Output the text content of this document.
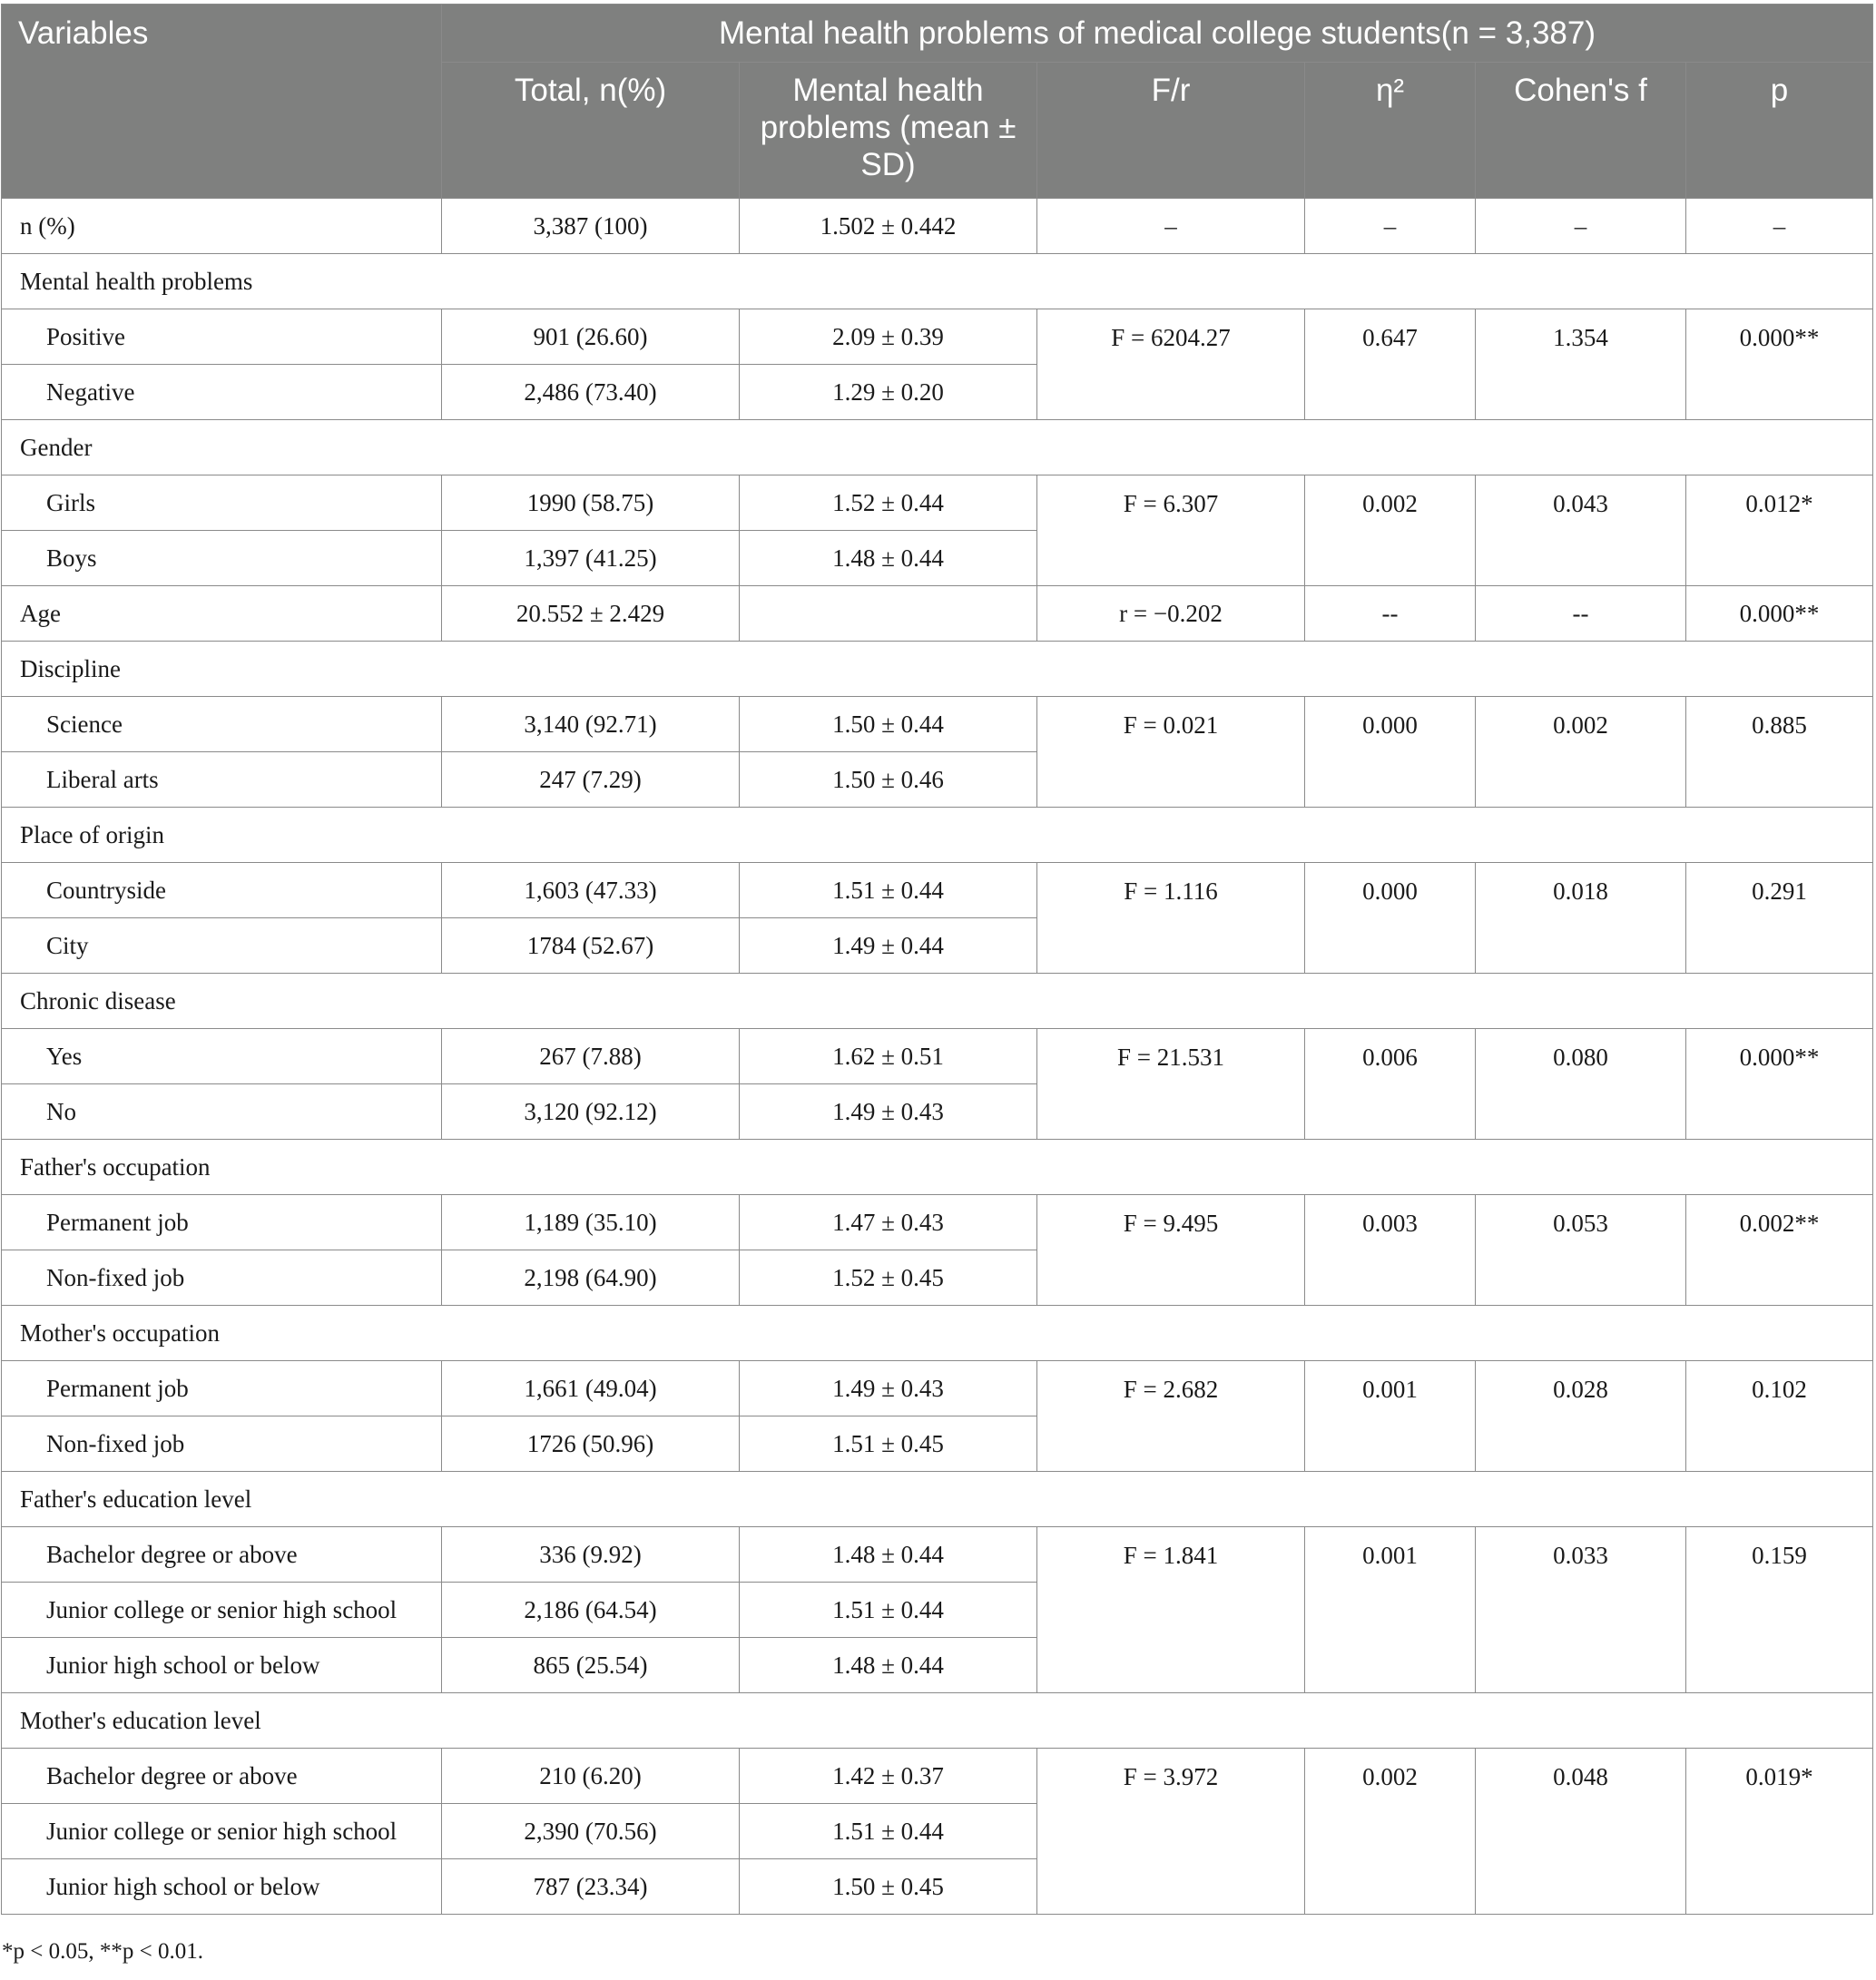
Variables	Mental health problems of medical college students(n = 3,387)					
	Total, n(%)	Mental health problems (mean ± SD)	F/r	η²	Cohen's f	p
n (%)	3,387 (100)	1.502 ± 0.442	–	–	–	–
Mental health problems						
Positive	901 (26.60)	2.09 ± 0.39	F = 6204.27	0.647	1.354	0.000**
Negative	2,486 (73.40)	1.29 ± 0.20				
Gender						
Girls	1990 (58.75)	1.52 ± 0.44	F = 6.307	0.002	0.043	0.012*
Boys	1,397 (41.25)	1.48 ± 0.44				
Age	20.552 ± 2.429		r = −0.202	--	--	0.000**
Discipline						
Science	3,140 (92.71)	1.50 ± 0.44	F = 0.021	0.000	0.002	0.885
Liberal arts	247 (7.29)	1.50 ± 0.46				
Place of origin						
Countryside	1,603 (47.33)	1.51 ± 0.44	F = 1.116	0.000	0.018	0.291
City	1784 (52.67)	1.49 ± 0.44				
Chronic disease						
Yes	267 (7.88)	1.62 ± 0.51	F = 21.531	0.006	0.080	0.000**
No	3,120 (92.12)	1.49 ± 0.43				
Father's occupation						
Permanent job	1,189 (35.10)	1.47 ± 0.43	F = 9.495	0.003	0.053	0.002**
Non-fixed job	2,198 (64.90)	1.52 ± 0.45				
Mother's occupation						
Permanent job	1,661 (49.04)	1.49 ± 0.43	F = 2.682	0.001	0.028	0.102
Non-fixed job	1726 (50.96)	1.51 ± 0.45				
Father's education level						
Bachelor degree or above	336 (9.92)	1.48 ± 0.44	F = 1.841	0.001	0.033	0.159
Junior college or senior high school	2,186 (64.54)	1.51 ± 0.44				
Junior high school or below	865 (25.54)	1.48 ± 0.44				
Mother's education level						
Bachelor degree or above	210 (6.20)	1.42 ± 0.37	F = 3.972	0.002	0.048	0.019*
Junior college or senior high school	2,390 (70.56)	1.51 ± 0.44				
Junior high school or below	787 (23.34)	1.50 ± 0.45				
*p < 0.05, **p < 0.01.
